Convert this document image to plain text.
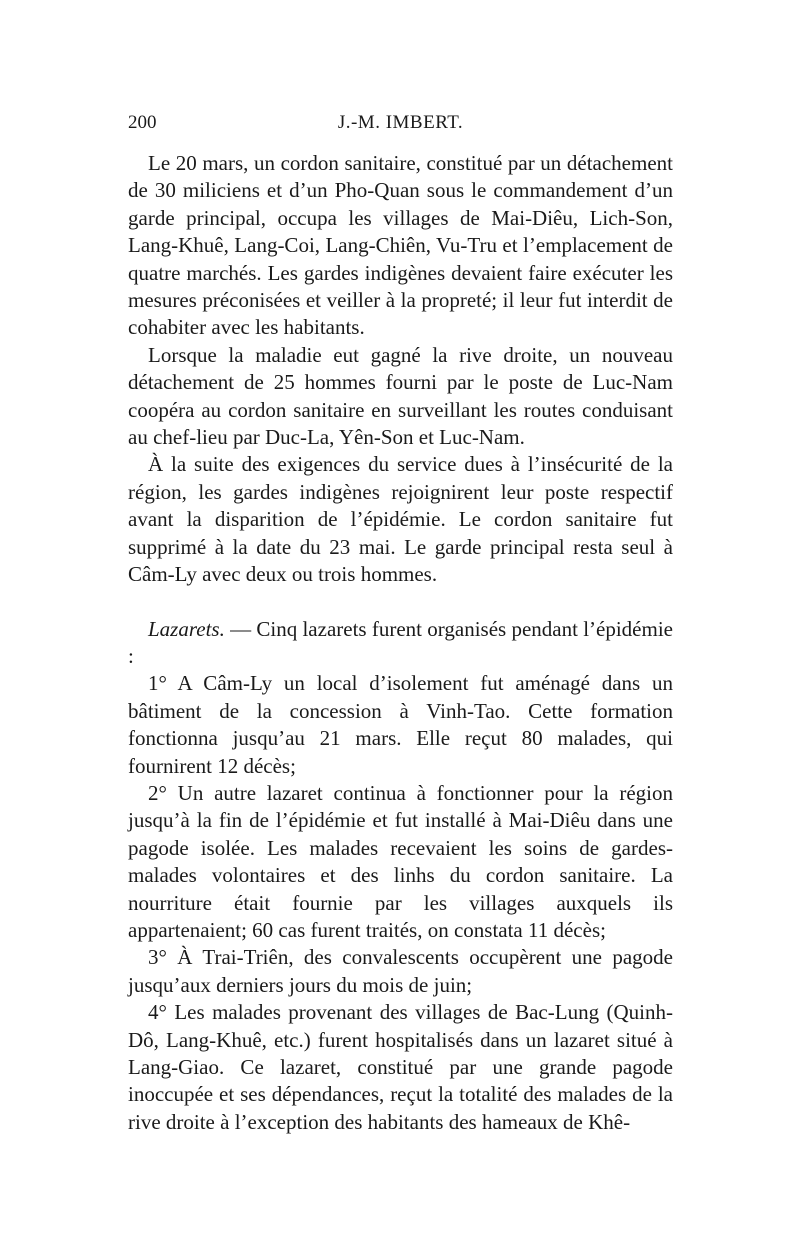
200	J.-M. IMBERT.

Le 20 mars, un cordon sanitaire, constitué par un détachement de 30 miliciens et d’un Pho-Quan sous le commandement d’un garde principal, occupa les villages de Mai-Diêu, Lich-Son, Lang-Khuê, Lang-Coi, Lang-Chiên, Vu-Tru et l’emplacement de quatre marchés. Les gardes indigènes devaient faire exécuter les mesures préconisées et veiller à la propreté; il leur fut interdit de cohabiter avec les habitants.

Lorsque la maladie eut gagné la rive droite, un nouveau détachement de 25 hommes fourni par le poste de Luc-Nam coopéra au cordon sanitaire en surveillant les routes conduisant au chef-lieu par Duc-La, Yên-Son et Luc-Nam.

À la suite des exigences du service dues à l’insécurité de la région, les gardes indigènes rejoignirent leur poste respectif avant la disparition de l’épidémie. Le cordon sanitaire fut supprimé à la date du 23 mai. Le garde principal resta seul à Câm-Ly avec deux ou trois hommes.

Lazarets. — Cinq lazarets furent organisés pendant l’épidémie :

1° A Câm-Ly un local d’isolement fut aménagé dans un bâtiment de la concession à Vinh-Tao. Cette formation fonctionna jusqu’au 21 mars. Elle reçut 80 malades, qui fournirent 12 décès;

2° Un autre lazaret continua à fonctionner pour la région jusqu’à la fin de l’épidémie et fut installé à Mai-Diêu dans une pagode isolée. Les malades recevaient les soins de gardes-malades volontaires et des linhs du cordon sanitaire. La nourriture était fournie par les villages auxquels ils appartenaient; 60 cas furent traités, on constata 11 décès;

3° À Trai-Triên, des convalescents occupèrent une pagode jusqu’aux derniers jours du mois de juin;

4° Les malades provenant des villages de Bac-Lung (Quinh-Dô, Lang-Khuê, etc.) furent hospitalisés dans un lazaret situé à Lang-Giao. Ce lazaret, constitué par une grande pagode inoccupée et ses dépendances, reçut la totalité des malades de la rive droite à l’exception des habitants des hameaux de Khê-
